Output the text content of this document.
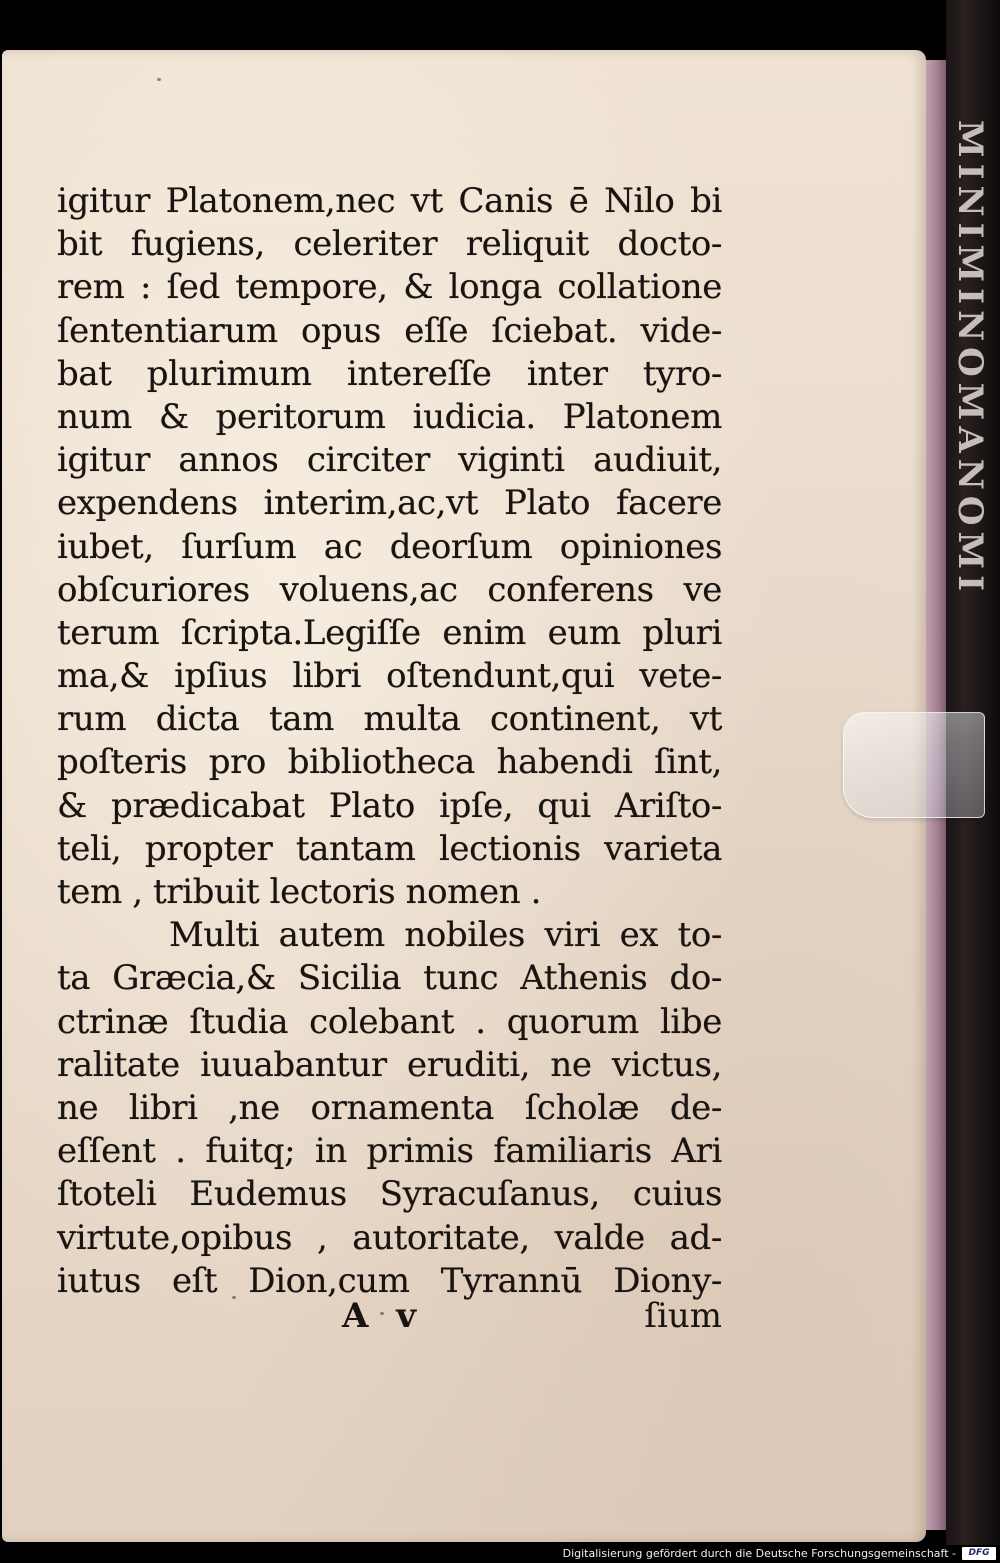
MINIMINOMANOMI
igitur Platonem,nec vt Canis ē Nilo bi
bit fugiens, celeriter reliquit docto-
rem : ſed tempore, & longa collatione
ſententiarum opus eſſe ſciebat. vide-
bat plurimum intereſſe inter tyro-
num & peritorum iudicia. Platonem
igitur annos circiter viginti audiuit,
expendens interim,ac,vt Plato facere
iubet, ſurſum ac deorſum opiniones
obſcuriores voluens,ac conferens ve
terum ſcripta.Legiſſe enim eum pluri
ma,& ipſius libri oſtendunt,qui vete-
rum dicta tam multa continent, vt
poſteris pro bibliotheca habendi ſint,
& prædicabat Plato ipſe, qui Ariſto-
teli, propter tantam lectionis varieta
tem , tribuit lectoris nomen .
Multi autem nobiles viri ex to-
ta Græcia,& Sicilia tunc Athenis do-
ctrinæ ſtudia colebant . quorum libe
ralitate iuuabantur eruditi, ne victus,
ne libri ,ne ornamenta ſcholæ de-
eſſent . fuitq; in primis familiaris Ari
ſtoteli Eudemus Syracuſanus, cuius
virtute,opibus , autoritate, valde ad-
iutus eſt Dion,cum Tyrannū Diony-
A v	ſium
Digitalisierung gefördert durch die Deutsche Forschungsgemeinschaft -	DFG
